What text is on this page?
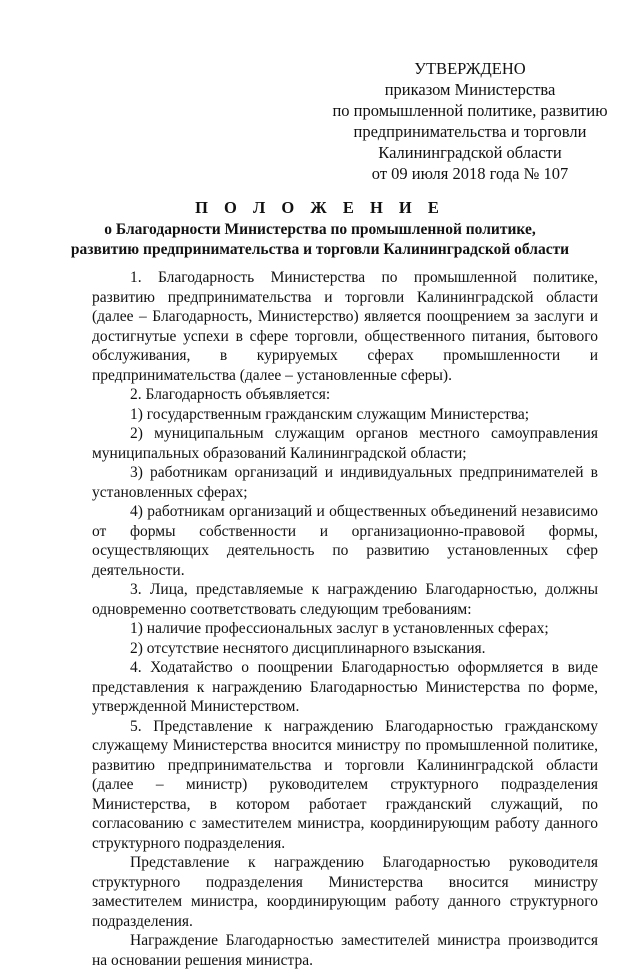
УТВЕРЖДЕНО
приказом Министерства
по промышленной политике, развитию
предпринимательства и торговли
Калининградской области
от 09 июля 2018 года № 107
П О Л О Ж Е Н И Е
о Благодарности Министерства по промышленной политике,
развитию предпринимательства и торговли Калининградской области

1. Благодарность Министерства по промышленной политике, развитию предпринимательства и торговли Калининградской области (далее – Благодарность, Министерство) является поощрением за заслуги и достигнутые успехи в сфере торговли, общественного питания, бытового обслуживания, в курируемых сферах промышленности и предпринимательства (далее – установленные сферы).

2. Благодарность объявляется:

1) государственным гражданским служащим Министерства;

2) муниципальным служащим органов местного самоуправления муниципальных образований Калининградской области;

3) работникам организаций и индивидуальных предпринимателей в установленных сферах;

4) работникам организаций и общественных объединений независимо от формы собственности и организационно-правовой формы, осуществляющих деятельность по развитию установленных сфер деятельности.

3. Лица, представляемые к награждению Благодарностью, должны одновременно соответствовать следующим требованиям:

1) наличие профессиональных заслуг в установленных сферах;

2) отсутствие неснятого дисциплинарного взыскания.

4. Ходатайство о поощрении Благодарностью оформляется в виде представления к награждению Благодарностью Министерства по форме, утвержденной Министерством.

5. Представление к награждению Благодарностью гражданскому служащему Министерства вносится министру по промышленной политике, развитию предпринимательства и торговли Калининградской области (далее – министр) руководителем структурного подразделения Министерства, в котором работает гражданский служащий, по согласованию с заместителем министра, координирующим работу данного структурного подразделения.

Представление к награждению Благодарностью руководителя структурного подразделения Министерства вносится министру заместителем министра, координирующим работу данного структурного подразделения.

Награждение Благодарностью заместителей министра производится на основании решения министра.
